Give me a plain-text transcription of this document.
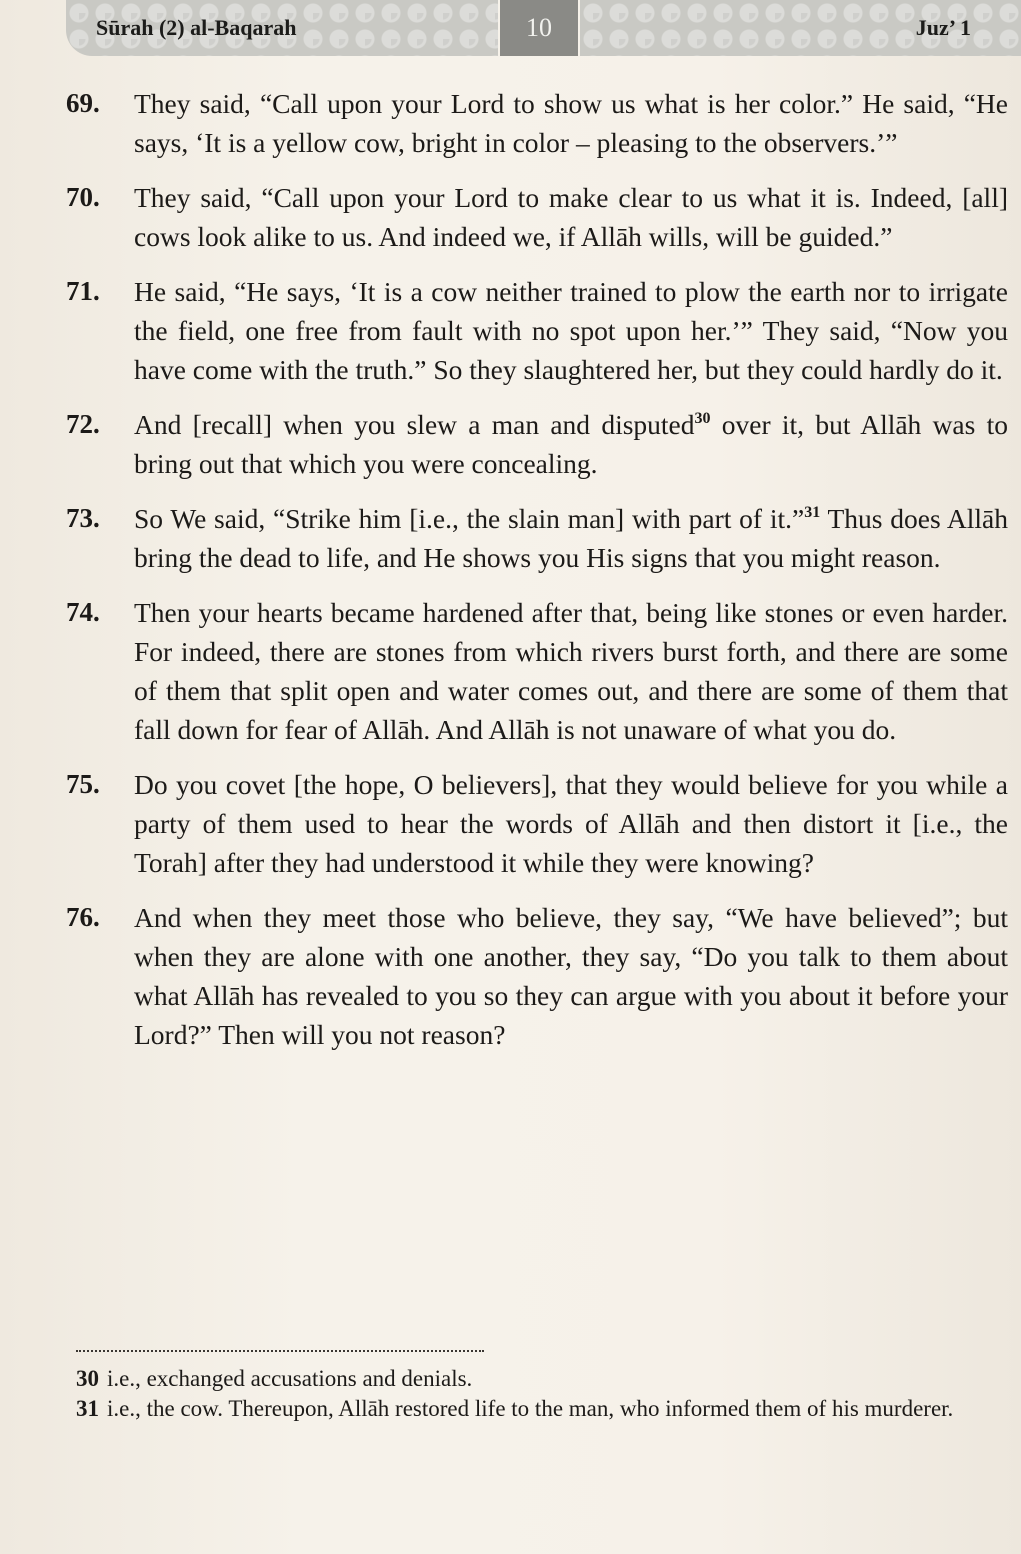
10
Sūrah (2) al-Baqarah	Juz’ 1
69.	They said, “Call upon your Lord to show us what is her color.” He said, “He says, ‘It is a yellow cow, bright in color – pleasing to the observers.’”
70.	They said, “Call upon your Lord to make clear to us what it is. Indeed, [all] cows look alike to us. And indeed we, if Allāh wills, will be guided.”
71.	He said, “He says, ‘It is a cow neither trained to plow the earth nor to irrigate the field, one free from fault with no spot upon her.’” They said, “Now you have come with the truth.” So they slaughtered her, but they could hardly do it.
72.	And [recall] when you slew a man and disputed$^{30}$ over it, but Allāh was to bring out that which you were concealing.
73.	So We said, “Strike him [i.e., the slain man] with part of it.”$^{31}$ Thus does Allāh bring the dead to life, and He shows you His signs that you might reason.
74.	Then your hearts became hardened after that, being like stones or even harder. For indeed, there are stones from which rivers burst forth, and there are some of them that split open and water comes out, and there are some of them that fall down for fear of Allāh. And Allāh is not unaware of what you do.
75.	Do you covet [the hope, O believers], that they would believe for you while a party of them used to hear the words of Allāh and then distort it [i.e., the Torah] after they had understood it while they were knowing?
76.	And when they meet those who believe, they say, “We have believed”; but when they are alone with one another, they say, “Do you talk to them about what Allāh has revealed to you so they can argue with you about it before your Lord?” Then will you not reason?
30 i.e., exchanged accusations and denials.
31 i.e., the cow. Thereupon, Allāh restored life to the man, who informed them of his murderer.
